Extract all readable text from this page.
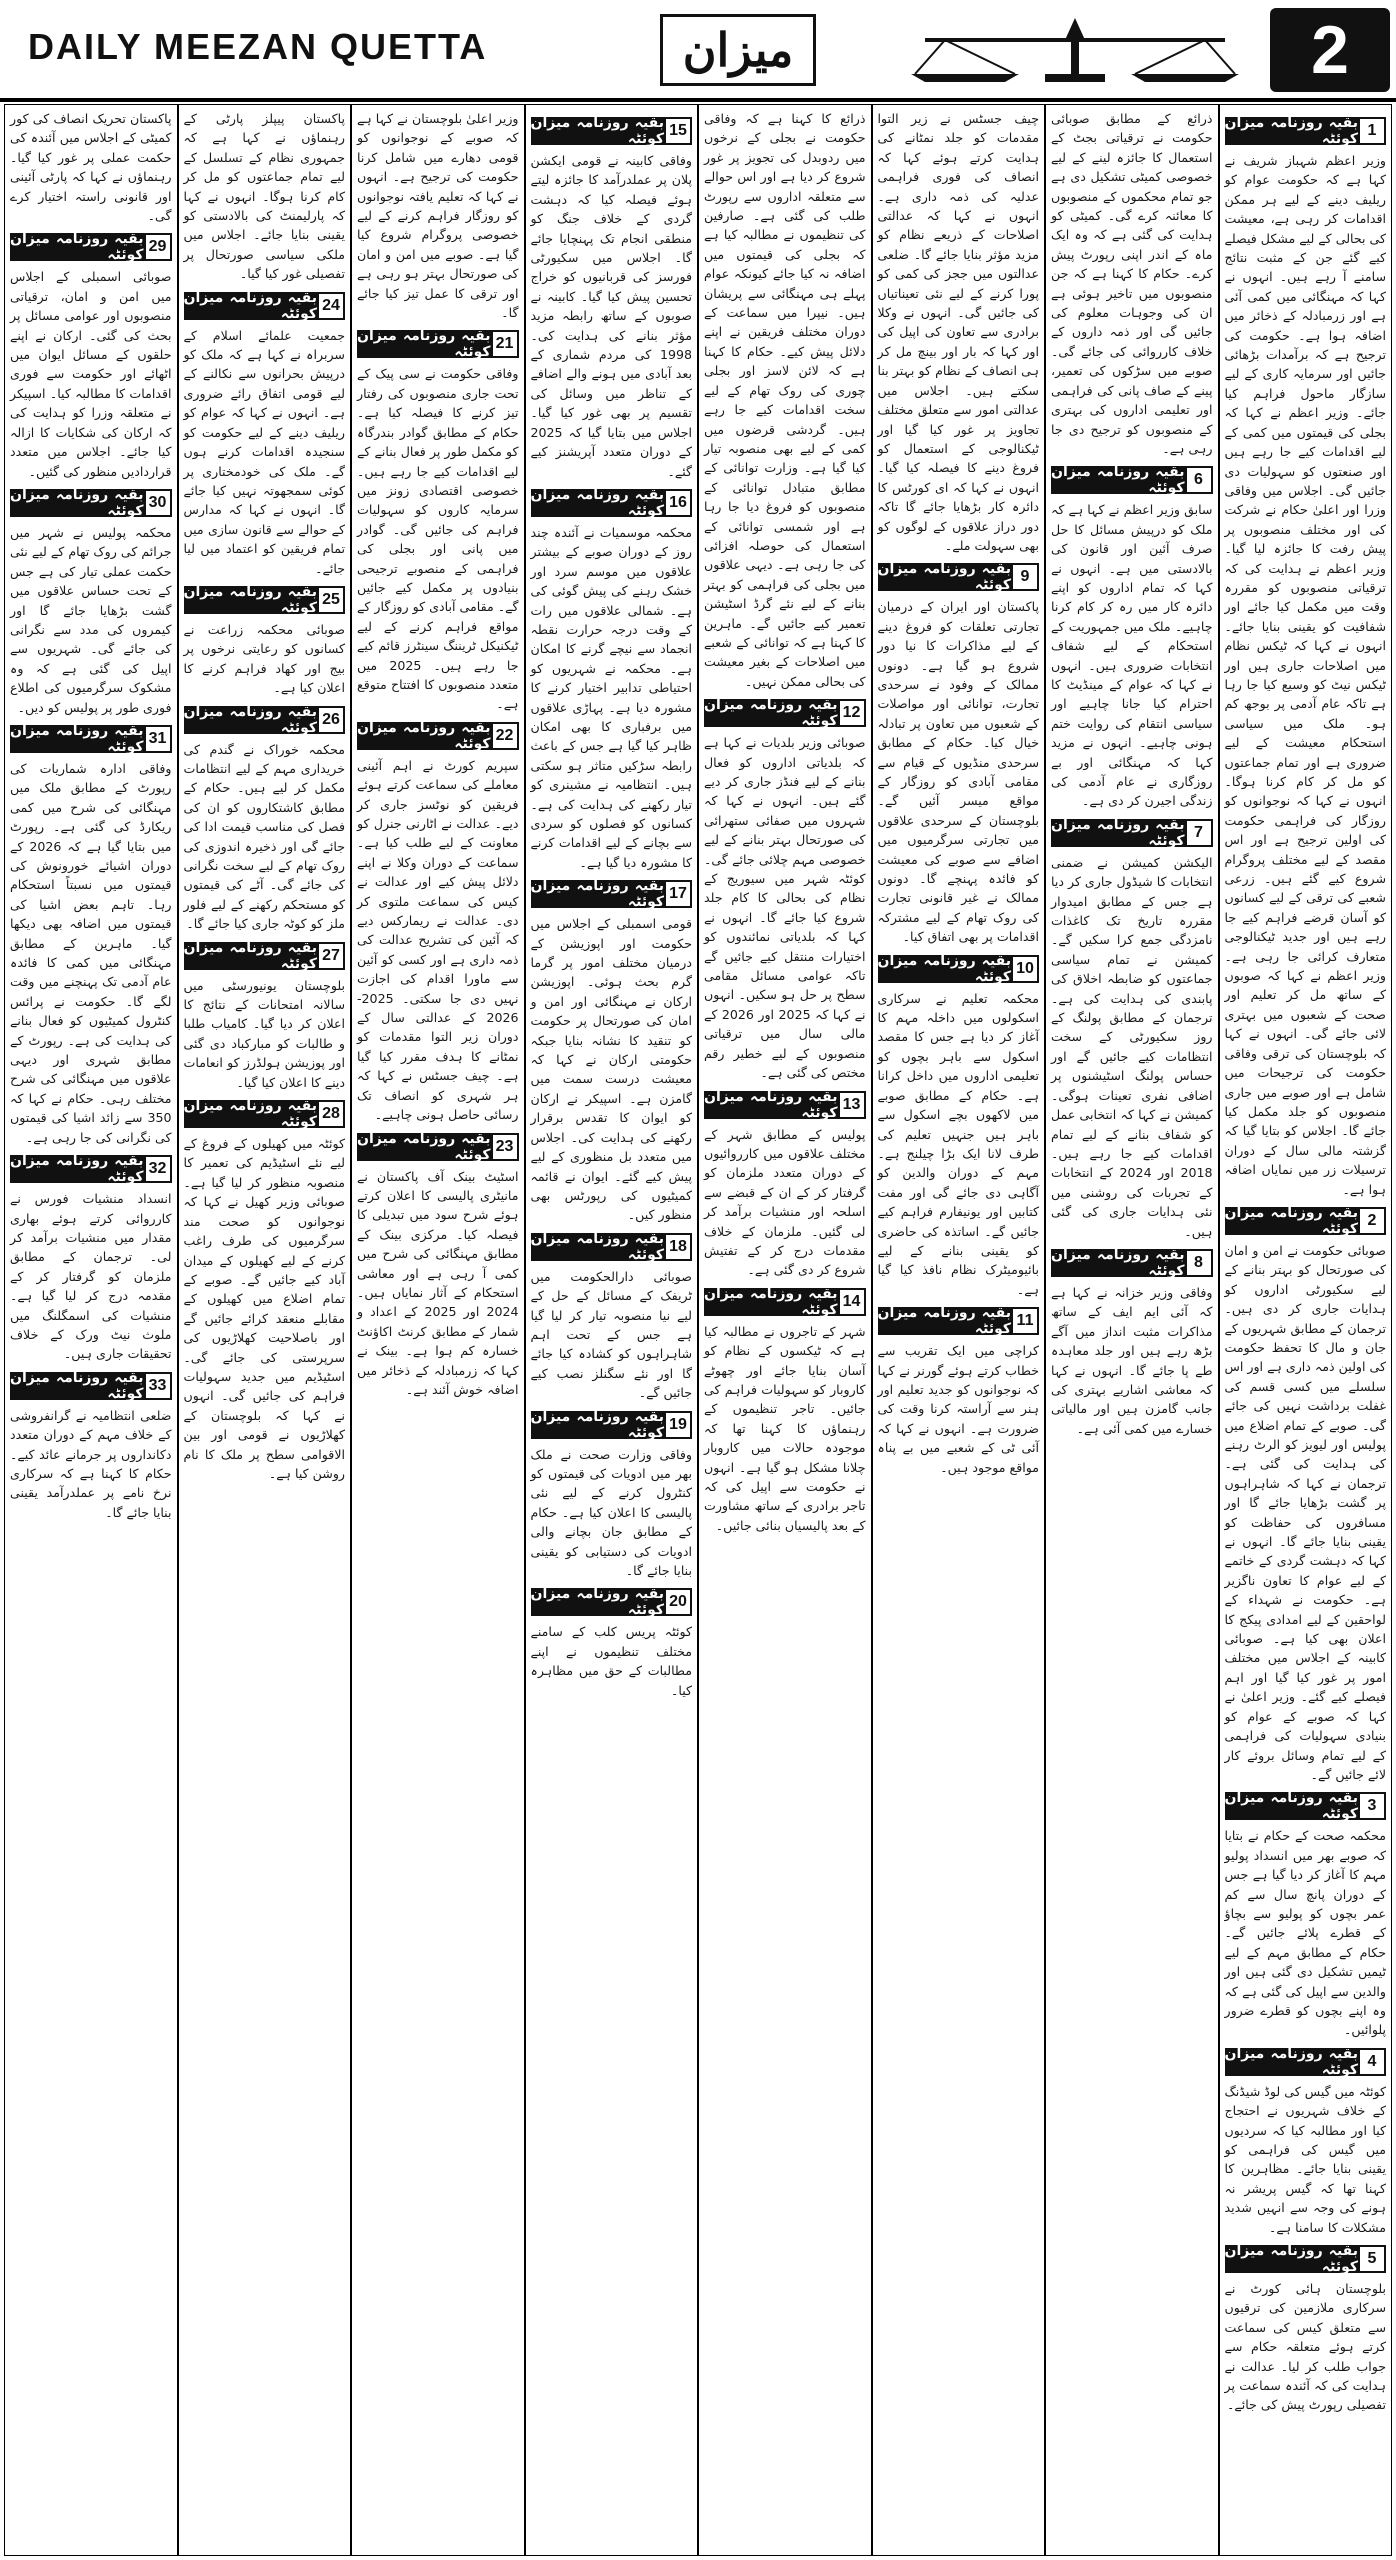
DAILY MEEZAN QUETTA	میزان	2
1
بقیہ روزنامہ میزان کوئٹہ

وزیر اعظم شہباز شریف نے کہا ہے کہ حکومت عوام کو ریلیف دینے کے لیے ہر ممکن اقدامات کر رہی ہے، معیشت کی بحالی کے لیے مشکل فیصلے کیے گئے جن کے مثبت نتائج سامنے آ رہے ہیں۔ انہوں نے کہا کہ مہنگائی میں کمی آئی ہے اور زرمبادلہ کے ذخائر میں اضافہ ہوا ہے۔ حکومت کی ترجیح ہے کہ برآمدات بڑھائی جائیں اور سرمایہ کاری کے لیے سازگار ماحول فراہم کیا جائے۔ وزیر اعظم نے کہا کہ بجلی کی قیمتوں میں کمی کے لیے اقدامات کیے جا رہے ہیں اور صنعتوں کو سہولیات دی جائیں گی۔ اجلاس میں وفاقی وزرا اور اعلیٰ حکام نے شرکت کی اور مختلف منصوبوں پر پیش رفت کا جائزہ لیا گیا۔ وزیر اعظم نے ہدایت کی کہ ترقیاتی منصوبوں کو مقررہ وقت میں مکمل کیا جائے اور شفافیت کو یقینی بنایا جائے۔ انہوں نے کہا کہ ٹیکس نظام میں اصلاحات جاری ہیں اور ٹیکس نیٹ کو وسیع کیا جا رہا ہے تاکہ عام آدمی پر بوجھ کم ہو۔ ملک میں سیاسی استحکام معیشت کے لیے ضروری ہے اور تمام جماعتوں کو مل کر کام کرنا ہوگا۔ انہوں نے کہا کہ نوجوانوں کو روزگار کی فراہمی حکومت کی اولین ترجیح ہے اور اس مقصد کے لیے مختلف پروگرام شروع کیے گئے ہیں۔ زرعی شعبے کی ترقی کے لیے کسانوں کو آسان قرضے فراہم کیے جا رہے ہیں اور جدید ٹیکنالوجی متعارف کرائی جا رہی ہے۔ وزیر اعظم نے کہا کہ صوبوں کے ساتھ مل کر تعلیم اور صحت کے شعبوں میں بہتری لائی جائے گی۔ انہوں نے کہا کہ بلوچستان کی ترقی وفاقی حکومت کی ترجیحات میں شامل ہے اور صوبے میں جاری منصوبوں کو جلد مکمل کیا جائے گا۔ اجلاس کو بتایا گیا کہ گزشتہ مالی سال کے دوران ترسیلات زر میں نمایاں اضافہ ہوا ہے۔

2
بقیہ روزنامہ میزان کوئٹہ

صوبائی حکومت نے امن و امان کی صورتحال کو بہتر بنانے کے لیے سکیورٹی اداروں کو ہدایات جاری کر دی ہیں۔ ترجمان کے مطابق شہریوں کے جان و مال کا تحفظ حکومت کی اولین ذمہ داری ہے اور اس سلسلے میں کسی قسم کی غفلت برداشت نہیں کی جائے گی۔ صوبے کے تمام اضلاع میں پولیس اور لیویز کو الرٹ رہنے کی ہدایت کی گئی ہے۔ ترجمان نے کہا کہ شاہراہوں پر گشت بڑھایا جائے گا اور مسافروں کی حفاظت کو یقینی بنایا جائے گا۔ انہوں نے کہا کہ دہشت گردی کے خاتمے کے لیے عوام کا تعاون ناگزیر ہے۔ حکومت نے شہداء کے لواحقین کے لیے امدادی پیکج کا اعلان بھی کیا ہے۔ صوبائی کابینہ کے اجلاس میں مختلف امور پر غور کیا گیا اور اہم فیصلے کیے گئے۔ وزیر اعلیٰ نے کہا کہ صوبے کے عوام کو بنیادی سہولیات کی فراہمی کے لیے تمام وسائل بروئے کار لائے جائیں گے۔

3
بقیہ روزنامہ میزان کوئٹہ

محکمہ صحت کے حکام نے بتایا کہ صوبے بھر میں انسداد پولیو مہم کا آغاز کر دیا گیا ہے جس کے دوران پانچ سال سے کم عمر بچوں کو پولیو سے بچاؤ کے قطرے پلائے جائیں گے۔ حکام کے مطابق مہم کے لیے ٹیمیں تشکیل دی گئی ہیں اور والدین سے اپیل کی گئی ہے کہ وہ اپنے بچوں کو قطرے ضرور پلوائیں۔

4
بقیہ روزنامہ میزان کوئٹہ

کوئٹہ میں گیس کی لوڈ شیڈنگ کے خلاف شہریوں نے احتجاج کیا اور مطالبہ کیا کہ سردیوں میں گیس کی فراہمی کو یقینی بنایا جائے۔ مظاہرین کا کہنا تھا کہ گیس پریشر نہ ہونے کی وجہ سے انہیں شدید مشکلات کا سامنا ہے۔

5
بقیہ روزنامہ میزان کوئٹہ

بلوچستان ہائی کورٹ نے سرکاری ملازمین کی ترقیوں سے متعلق کیس کی سماعت کرتے ہوئے متعلقہ حکام سے جواب طلب کر لیا۔ عدالت نے ہدایت کی کہ آئندہ سماعت پر تفصیلی رپورٹ پیش کی جائے۔

ذرائع کے مطابق صوبائی حکومت نے ترقیاتی بجٹ کے استعمال کا جائزہ لینے کے لیے خصوصی کمیٹی تشکیل دی ہے جو تمام محکموں کے منصوبوں کا معائنہ کرے گی۔ کمیٹی کو ہدایت کی گئی ہے کہ وہ ایک ماہ کے اندر اپنی رپورٹ پیش کرے۔ حکام کا کہنا ہے کہ جن منصوبوں میں تاخیر ہوئی ہے ان کی وجوہات معلوم کی جائیں گی اور ذمہ داروں کے خلاف کارروائی کی جائے گی۔ صوبے میں سڑکوں کی تعمیر، پینے کے صاف پانی کی فراہمی اور تعلیمی اداروں کی بہتری کے منصوبوں کو ترجیح دی جا رہی ہے۔

6
بقیہ روزنامہ میزان کوئٹہ

سابق وزیر اعظم نے کہا ہے کہ ملک کو درپیش مسائل کا حل صرف آئین اور قانون کی بالادستی میں ہے۔ انہوں نے کہا کہ تمام اداروں کو اپنے دائرہ کار میں رہ کر کام کرنا چاہیے۔ ملک میں جمہوریت کے استحکام کے لیے شفاف انتخابات ضروری ہیں۔ انہوں نے کہا کہ عوام کے مینڈیٹ کا احترام کیا جانا چاہیے اور سیاسی انتقام کی روایت ختم ہونی چاہیے۔ انہوں نے مزید کہا کہ مہنگائی اور بے روزگاری نے عام آدمی کی زندگی اجیرن کر دی ہے۔

7
بقیہ روزنامہ میزان کوئٹہ

الیکشن کمیشن نے ضمنی انتخابات کا شیڈول جاری کر دیا ہے جس کے مطابق امیدوار مقررہ تاریخ تک کاغذات نامزدگی جمع کرا سکیں گے۔ کمیشن نے تمام سیاسی جماعتوں کو ضابطہ اخلاق کی پابندی کی ہدایت کی ہے۔ ترجمان کے مطابق پولنگ کے روز سکیورٹی کے سخت انتظامات کیے جائیں گے اور حساس پولنگ اسٹیشنوں پر اضافی نفری تعینات ہوگی۔ کمیشن نے کہا کہ انتخابی عمل کو شفاف بنانے کے لیے تمام اقدامات کیے جا رہے ہیں۔ 2018 اور 2024 کے انتخابات کے تجربات کی روشنی میں نئی ہدایات جاری کی گئی ہیں۔

8
بقیہ روزنامہ میزان کوئٹہ

وفاقی وزیر خزانہ نے کہا ہے کہ آئی ایم ایف کے ساتھ مذاکرات مثبت انداز میں آگے بڑھ رہے ہیں اور جلد معاہدہ طے پا جائے گا۔ انہوں نے کہا کہ معاشی اشاریے بہتری کی جانب گامزن ہیں اور مالیاتی خسارے میں کمی آئی ہے۔

چیف جسٹس نے زیر التوا مقدمات کو جلد نمٹانے کی ہدایت کرتے ہوئے کہا کہ انصاف کی فوری فراہمی عدلیہ کی ذمہ داری ہے۔ انہوں نے کہا کہ عدالتی اصلاحات کے ذریعے نظام کو مزید مؤثر بنایا جائے گا۔ ضلعی عدالتوں میں ججز کی کمی کو پورا کرنے کے لیے نئی تعیناتیاں کی جائیں گی۔ انہوں نے وکلا برادری سے تعاون کی اپیل کی اور کہا کہ بار اور بینچ مل کر ہی انصاف کے نظام کو بہتر بنا سکتے ہیں۔ اجلاس میں عدالتی امور سے متعلق مختلف تجاویز پر غور کیا گیا اور ٹیکنالوجی کے استعمال کو فروغ دینے کا فیصلہ کیا گیا۔ انہوں نے کہا کہ ای کورٹس کا دائرہ کار بڑھایا جائے گا تاکہ دور دراز علاقوں کے لوگوں کو بھی سہولت ملے۔

9
بقیہ روزنامہ میزان کوئٹہ

پاکستان اور ایران کے درمیان تجارتی تعلقات کو فروغ دینے کے لیے مذاکرات کا نیا دور شروع ہو گیا ہے۔ دونوں ممالک کے وفود نے سرحدی تجارت، توانائی اور مواصلات کے شعبوں میں تعاون پر تبادلہ خیال کیا۔ حکام کے مطابق سرحدی منڈیوں کے قیام سے مقامی آبادی کو روزگار کے مواقع میسر آئیں گے۔ بلوچستان کے سرحدی علاقوں میں تجارتی سرگرمیوں میں اضافے سے صوبے کی معیشت کو فائدہ پہنچے گا۔ دونوں ممالک نے غیر قانونی تجارت کی روک تھام کے لیے مشترکہ اقدامات پر بھی اتفاق کیا۔

10
بقیہ روزنامہ میزان کوئٹہ

محکمہ تعلیم نے سرکاری اسکولوں میں داخلہ مہم کا آغاز کر دیا ہے جس کا مقصد اسکول سے باہر بچوں کو تعلیمی اداروں میں داخل کرانا ہے۔ حکام کے مطابق صوبے میں لاکھوں بچے اسکول سے باہر ہیں جنہیں تعلیم کی طرف لانا ایک بڑا چیلنج ہے۔ مہم کے دوران والدین کو آگاہی دی جائے گی اور مفت کتابیں اور یونیفارم فراہم کیے جائیں گے۔ اساتذہ کی حاضری کو یقینی بنانے کے لیے بائیومیٹرک نظام نافذ کیا گیا ہے۔

11
بقیہ روزنامہ میزان کوئٹہ

کراچی میں ایک تقریب سے خطاب کرتے ہوئے گورنر نے کہا کہ نوجوانوں کو جدید تعلیم اور ہنر سے آراستہ کرنا وقت کی ضرورت ہے۔ انہوں نے کہا کہ آئی ٹی کے شعبے میں بے پناہ مواقع موجود ہیں۔

ذرائع کا کہنا ہے کہ وفاقی حکومت نے بجلی کے نرخوں میں ردوبدل کی تجویز پر غور شروع کر دیا ہے اور اس حوالے سے متعلقہ اداروں سے رپورٹ طلب کی گئی ہے۔ صارفین کی تنظیموں نے مطالبہ کیا ہے کہ بجلی کی قیمتوں میں اضافہ نہ کیا جائے کیونکہ عوام پہلے ہی مہنگائی سے پریشان ہیں۔ نیپرا میں سماعت کے دوران مختلف فریقین نے اپنے دلائل پیش کیے۔ حکام کا کہنا ہے کہ لائن لاسز اور بجلی چوری کی روک تھام کے لیے سخت اقدامات کیے جا رہے ہیں۔ گردشی قرضوں میں کمی کے لیے بھی منصوبہ تیار کیا گیا ہے۔ وزارت توانائی کے مطابق متبادل توانائی کے منصوبوں کو فروغ دیا جا رہا ہے اور شمسی توانائی کے استعمال کی حوصلہ افزائی کی جا رہی ہے۔ دیہی علاقوں میں بجلی کی فراہمی کو بہتر بنانے کے لیے نئے گرڈ اسٹیشن تعمیر کیے جائیں گے۔ ماہرین کا کہنا ہے کہ توانائی کے شعبے میں اصلاحات کے بغیر معیشت کی بحالی ممکن نہیں۔

12
بقیہ روزنامہ میزان کوئٹہ

صوبائی وزیر بلدیات نے کہا ہے کہ بلدیاتی اداروں کو فعال بنانے کے لیے فنڈز جاری کر دیے گئے ہیں۔ انہوں نے کہا کہ شہروں میں صفائی ستھرائی کی صورتحال بہتر بنانے کے لیے خصوصی مہم چلائی جائے گی۔ کوئٹہ شہر میں سیوریج کے نظام کی بحالی کا کام جلد شروع کیا جائے گا۔ انہوں نے کہا کہ بلدیاتی نمائندوں کو اختیارات منتقل کیے جائیں گے تاکہ عوامی مسائل مقامی سطح پر حل ہو سکیں۔ انہوں نے کہا کہ 2025 اور 2026 کے مالی سال میں ترقیاتی منصوبوں کے لیے خطیر رقم مختص کی گئی ہے۔

13
بقیہ روزنامہ میزان کوئٹہ

پولیس کے مطابق شہر کے مختلف علاقوں میں کارروائیوں کے دوران متعدد ملزمان کو گرفتار کر کے ان کے قبضے سے اسلحہ اور منشیات برآمد کر لی گئیں۔ ملزمان کے خلاف مقدمات درج کر کے تفتیش شروع کر دی گئی ہے۔

14
بقیہ روزنامہ میزان کوئٹہ

شہر کے تاجروں نے مطالبہ کیا ہے کہ ٹیکسوں کے نظام کو آسان بنایا جائے اور چھوٹے کاروبار کو سہولیات فراہم کی جائیں۔ تاجر تنظیموں کے رہنماؤں کا کہنا تھا کہ موجودہ حالات میں کاروبار چلانا مشکل ہو گیا ہے۔ انہوں نے حکومت سے اپیل کی کہ تاجر برادری کے ساتھ مشاورت کے بعد پالیسیاں بنائی جائیں۔

15
بقیہ روزنامہ میزان کوئٹہ

وفاقی کابینہ نے قومی ایکشن پلان پر عملدرآمد کا جائزہ لیتے ہوئے فیصلہ کیا کہ دہشت گردی کے خلاف جنگ کو منطقی انجام تک پہنچایا جائے گا۔ اجلاس میں سکیورٹی فورسز کی قربانیوں کو خراج تحسین پیش کیا گیا۔ کابینہ نے صوبوں کے ساتھ رابطہ مزید مؤثر بنانے کی ہدایت کی۔ 1998 کی مردم شماری کے بعد آبادی میں ہونے والے اضافے کے تناظر میں وسائل کی تقسیم پر بھی غور کیا گیا۔ اجلاس میں بتایا گیا کہ 2025 کے دوران متعدد آپریشنز کیے گئے۔

16
بقیہ روزنامہ میزان کوئٹہ

محکمہ موسمیات نے آئندہ چند روز کے دوران صوبے کے بیشتر علاقوں میں موسم سرد اور خشک رہنے کی پیش گوئی کی ہے۔ شمالی علاقوں میں رات کے وقت درجہ حرارت نقطہ انجماد سے نیچے گرنے کا امکان ہے۔ محکمہ نے شہریوں کو احتیاطی تدابیر اختیار کرنے کا مشورہ دیا ہے۔ پہاڑی علاقوں میں برفباری کا بھی امکان ظاہر کیا گیا ہے جس کے باعث رابطہ سڑکیں متاثر ہو سکتی ہیں۔ انتظامیہ نے مشینری کو تیار رکھنے کی ہدایت کی ہے۔ کسانوں کو فصلوں کو سردی سے بچانے کے لیے اقدامات کرنے کا مشورہ دیا گیا ہے۔

17
بقیہ روزنامہ میزان کوئٹہ

قومی اسمبلی کے اجلاس میں حکومت اور اپوزیشن کے درمیان مختلف امور پر گرما گرم بحث ہوئی۔ اپوزیشن ارکان نے مہنگائی اور امن و امان کی صورتحال پر حکومت کو تنقید کا نشانہ بنایا جبکہ حکومتی ارکان نے کہا کہ معیشت درست سمت میں گامزن ہے۔ اسپیکر نے ارکان کو ایوان کا تقدس برقرار رکھنے کی ہدایت کی۔ اجلاس میں متعدد بل منظوری کے لیے پیش کیے گئے۔ ایوان نے قائمہ کمیٹیوں کی رپورٹس بھی منظور کیں۔

18
بقیہ روزنامہ میزان کوئٹہ

صوبائی دارالحکومت میں ٹریفک کے مسائل کے حل کے لیے نیا منصوبہ تیار کر لیا گیا ہے جس کے تحت اہم شاہراہوں کو کشادہ کیا جائے گا اور نئے سگنلز نصب کیے جائیں گے۔

19
بقیہ روزنامہ میزان کوئٹہ

وفاقی وزارت صحت نے ملک بھر میں ادویات کی قیمتوں کو کنٹرول کرنے کے لیے نئی پالیسی کا اعلان کیا ہے۔ حکام کے مطابق جان بچانے والی ادویات کی دستیابی کو یقینی بنایا جائے گا۔

20
بقیہ روزنامہ میزان کوئٹہ

کوئٹہ پریس کلب کے سامنے مختلف تنظیموں نے اپنے مطالبات کے حق میں مظاہرہ کیا۔

وزیر اعلیٰ بلوچستان نے کہا ہے کہ صوبے کے نوجوانوں کو قومی دھارے میں شامل کرنا حکومت کی ترجیح ہے۔ انہوں نے کہا کہ تعلیم یافتہ نوجوانوں کو روزگار فراہم کرنے کے لیے خصوصی پروگرام شروع کیا گیا ہے۔ صوبے میں امن و امان کی صورتحال بہتر ہو رہی ہے اور ترقی کا عمل تیز کیا جائے گا۔

21
بقیہ روزنامہ میزان کوئٹہ

وفاقی حکومت نے سی پیک کے تحت جاری منصوبوں کی رفتار تیز کرنے کا فیصلہ کیا ہے۔ حکام کے مطابق گوادر بندرگاہ کو مکمل طور پر فعال بنانے کے لیے اقدامات کیے جا رہے ہیں۔ خصوصی اقتصادی زونز میں سرمایہ کاروں کو سہولیات فراہم کی جائیں گی۔ گوادر میں پانی اور بجلی کی فراہمی کے منصوبے ترجیحی بنیادوں پر مکمل کیے جائیں گے۔ مقامی آبادی کو روزگار کے مواقع فراہم کرنے کے لیے ٹیکنیکل ٹریننگ سینٹرز قائم کیے جا رہے ہیں۔ 2025 میں متعدد منصوبوں کا افتتاح متوقع ہے۔

22
بقیہ روزنامہ میزان کوئٹہ

سپریم کورٹ نے اہم آئینی معاملے کی سماعت کرتے ہوئے فریقین کو نوٹسز جاری کر دیے۔ عدالت نے اٹارنی جنرل کو معاونت کے لیے طلب کیا ہے۔ سماعت کے دوران وکلا نے اپنے دلائل پیش کیے اور عدالت نے کیس کی سماعت ملتوی کر دی۔ عدالت نے ریمارکس دیے کہ آئین کی تشریح عدالت کی ذمہ داری ہے اور کسی کو آئین سے ماورا اقدام کی اجازت نہیں دی جا سکتی۔ 2025-2026 کے عدالتی سال کے دوران زیر التوا مقدمات کو نمٹانے کا ہدف مقرر کیا گیا ہے۔ چیف جسٹس نے کہا کہ ہر شہری کو انصاف تک رسائی حاصل ہونی چاہیے۔

23
بقیہ روزنامہ میزان کوئٹہ

اسٹیٹ بینک آف پاکستان نے مانیٹری پالیسی کا اعلان کرتے ہوئے شرح سود میں تبدیلی کا فیصلہ کیا۔ مرکزی بینک کے مطابق مہنگائی کی شرح میں کمی آ رہی ہے اور معاشی استحکام کے آثار نمایاں ہیں۔ 2024 اور 2025 کے اعداد و شمار کے مطابق کرنٹ اکاؤنٹ خسارہ کم ہوا ہے۔ بینک نے کہا کہ زرمبادلہ کے ذخائر میں اضافہ خوش آئند ہے۔

پاکستان پیپلز پارٹی کے رہنماؤں نے کہا ہے کہ جمہوری نظام کے تسلسل کے لیے تمام جماعتوں کو مل کر کام کرنا ہوگا۔ انہوں نے کہا کہ پارلیمنٹ کی بالادستی کو یقینی بنایا جائے۔ اجلاس میں ملکی سیاسی صورتحال پر تفصیلی غور کیا گیا۔

24
بقیہ روزنامہ میزان کوئٹہ

جمعیت علمائے اسلام کے سربراہ نے کہا ہے کہ ملک کو درپیش بحرانوں سے نکالنے کے لیے قومی اتفاق رائے ضروری ہے۔ انہوں نے کہا کہ عوام کو ریلیف دینے کے لیے حکومت کو سنجیدہ اقدامات کرنے ہوں گے۔ ملک کی خودمختاری پر کوئی سمجھوتہ نہیں کیا جائے گا۔ انہوں نے کہا کہ مدارس کے حوالے سے قانون سازی میں تمام فریقین کو اعتماد میں لیا جائے۔

25
بقیہ روزنامہ میزان کوئٹہ

صوبائی محکمہ زراعت نے کسانوں کو رعایتی نرخوں پر بیج اور کھاد فراہم کرنے کا اعلان کیا ہے۔

26
بقیہ روزنامہ میزان کوئٹہ

محکمہ خوراک نے گندم کی خریداری مہم کے لیے انتظامات مکمل کر لیے ہیں۔ حکام کے مطابق کاشتکاروں کو ان کی فصل کی مناسب قیمت ادا کی جائے گی اور ذخیرہ اندوزی کی روک تھام کے لیے سخت نگرانی کی جائے گی۔ آٹے کی قیمتوں کو مستحکم رکھنے کے لیے فلور ملز کو کوٹہ جاری کیا جائے گا۔

27
بقیہ روزنامہ میزان کوئٹہ

بلوچستان یونیورسٹی میں سالانہ امتحانات کے نتائج کا اعلان کر دیا گیا۔ کامیاب طلبا و طالبات کو مبارکباد دی گئی اور پوزیشن ہولڈرز کو انعامات دینے کا اعلان کیا گیا۔

28
بقیہ روزنامہ میزان کوئٹہ

کوئٹہ میں کھیلوں کے فروغ کے لیے نئے اسٹیڈیم کی تعمیر کا منصوبہ منظور کر لیا گیا ہے۔ صوبائی وزیر کھیل نے کہا کہ نوجوانوں کو صحت مند سرگرمیوں کی طرف راغب کرنے کے لیے کھیلوں کے میدان آباد کیے جائیں گے۔ صوبے کے تمام اضلاع میں کھیلوں کے مقابلے منعقد کرائے جائیں گے اور باصلاحیت کھلاڑیوں کی سرپرستی کی جائے گی۔ اسٹیڈیم میں جدید سہولیات فراہم کی جائیں گی۔ انہوں نے کہا کہ بلوچستان کے کھلاڑیوں نے قومی اور بین الاقوامی سطح پر ملک کا نام روشن کیا ہے۔

پاکستان تحریک انصاف کی کور کمیٹی کے اجلاس میں آئندہ کی حکمت عملی پر غور کیا گیا۔ رہنماؤں نے کہا کہ پارٹی آئینی اور قانونی راستہ اختیار کرے گی۔

29
بقیہ روزنامہ میزان کوئٹہ

صوبائی اسمبلی کے اجلاس میں امن و امان، ترقیاتی منصوبوں اور عوامی مسائل پر بحث کی گئی۔ ارکان نے اپنے حلقوں کے مسائل ایوان میں اٹھائے اور حکومت سے فوری اقدامات کا مطالبہ کیا۔ اسپیکر نے متعلقہ وزرا کو ہدایت کی کہ ارکان کی شکایات کا ازالہ کیا جائے۔ اجلاس میں متعدد قراردادیں منظور کی گئیں۔

30
بقیہ روزنامہ میزان کوئٹہ

محکمہ پولیس نے شہر میں جرائم کی روک تھام کے لیے نئی حکمت عملی تیار کی ہے جس کے تحت حساس علاقوں میں گشت بڑھایا جائے گا اور کیمروں کی مدد سے نگرانی کی جائے گی۔ شہریوں سے اپیل کی گئی ہے کہ وہ مشکوک سرگرمیوں کی اطلاع فوری طور پر پولیس کو دیں۔

31
بقیہ روزنامہ میزان کوئٹہ

وفاقی ادارہ شماریات کی رپورٹ کے مطابق ملک میں مہنگائی کی شرح میں کمی ریکارڈ کی گئی ہے۔ رپورٹ میں بتایا گیا ہے کہ 2026 کے دوران اشیائے خورونوش کی قیمتوں میں نسبتاً استحکام رہا۔ تاہم بعض اشیا کی قیمتوں میں اضافہ بھی دیکھا گیا۔ ماہرین کے مطابق مہنگائی میں کمی کا فائدہ عام آدمی تک پہنچنے میں وقت لگے گا۔ حکومت نے پرائس کنٹرول کمیٹیوں کو فعال بنانے کی ہدایت کی ہے۔ رپورٹ کے مطابق شہری اور دیہی علاقوں میں مہنگائی کی شرح مختلف رہی۔ حکام نے کہا کہ 350 سے زائد اشیا کی قیمتوں کی نگرانی کی جا رہی ہے۔

32
بقیہ روزنامہ میزان کوئٹہ

انسداد منشیات فورس نے کارروائی کرتے ہوئے بھاری مقدار میں منشیات برآمد کر لی۔ ترجمان کے مطابق ملزمان کو گرفتار کر کے مقدمہ درج کر لیا گیا ہے۔ منشیات کی اسمگلنگ میں ملوث نیٹ ورک کے خلاف تحقیقات جاری ہیں۔

33
بقیہ روزنامہ میزان کوئٹہ

ضلعی انتظامیہ نے گرانفروشی کے خلاف مہم کے دوران متعدد دکانداروں پر جرمانے عائد کیے۔ حکام کا کہنا ہے کہ سرکاری نرخ نامے پر عملدرآمد یقینی بنایا جائے گا۔
